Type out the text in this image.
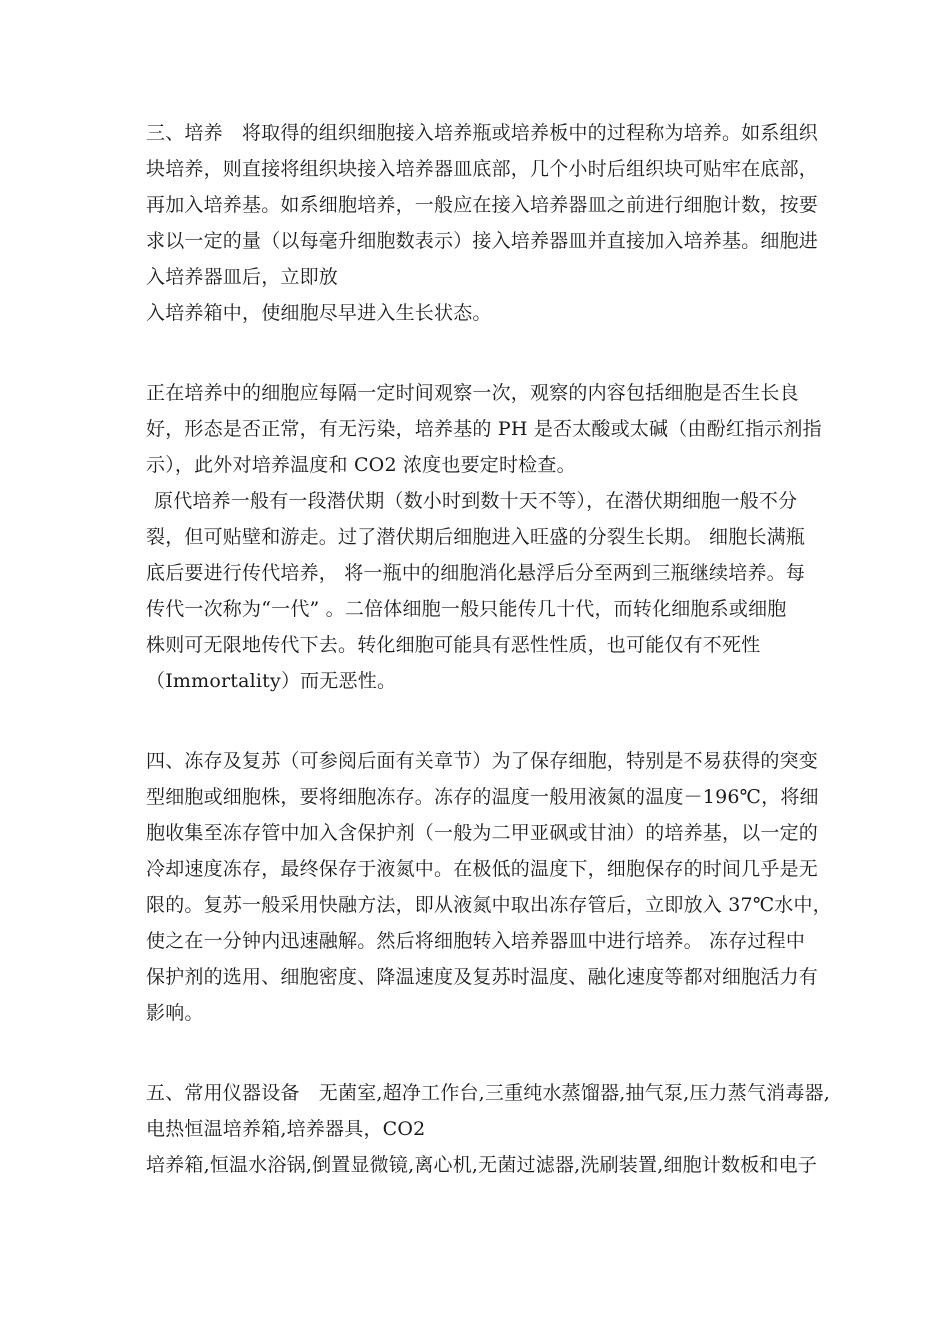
三、培养　将取得的组织细胞接入培养瓶或培养板中的过程称为培养。如系组织
块培养，则直接将组织块接入培养器皿底部，几个小时后组织块可贴牢在底部，
再加入培养基。如系细胞培养，一般应在接入培养器皿之前进行细胞计数，按要
求以一定的量（以每毫升细胞数表示）接入培养器皿并直接加入培养基。细胞进
入培养器皿后，立即放
入培养箱中，使细胞尽早进入生长状态。
正在培养中的细胞应每隔一定时间观察一次，观察的内容包括细胞是否生长良
好，形态是否正常，有无污染，培养基的 PH 是否太酸或太碱（由酚红指示剂指
示），此外对培养温度和 CO2 浓度也要定时检查。
原代培养一般有一段潜伏期（数小时到数十天不等），在潜伏期细胞一般不分
裂，但可贴壁和游走。过了潜伏期后细胞进入旺盛的分裂生长期。 细胞长满瓶
底后要进行传代培养， 将一瓶中的细胞消化悬浮后分至两到三瓶继续培养。每
传代一次称为“一代” 。二倍体细胞一般只能传几十代，而转化细胞系或细胞
株则可无限地传代下去。转化细胞可能具有恶性性质，也可能仅有不死性
（Immortality）而无恶性。
四、冻存及复苏（可参阅后面有关章节）为了保存细胞，特别是不易获得的突变
型细胞或细胞株，要将细胞冻存。冻存的温度一般用液氮的温度－196℃，将细
胞收集至冻存管中加入含保护剂（一般为二甲亚砜或甘油）的培养基，以一定的
冷却速度冻存，最终保存于液氮中。在极低的温度下，细胞保存的时间几乎是无
限的。复苏一般采用快融方法，即从液氮中取出冻存管后，立即放入 37℃水中，
使之在一分钟内迅速融解。然后将细胞转入培养器皿中进行培养。 冻存过程中
保护剂的选用、细胞密度、降温速度及复苏时温度、融化速度等都对细胞活力有
影响。
五、常用仪器设备　无菌室,超净工作台,三重纯水蒸馏器,抽气泵,压力蒸气消毒器,
电热恒温培养箱,培养器具，CO2
培养箱,恒温水浴锅,倒置显微镜,离心机,无菌过滤器,洗刷装置,细胞计数板和电子
